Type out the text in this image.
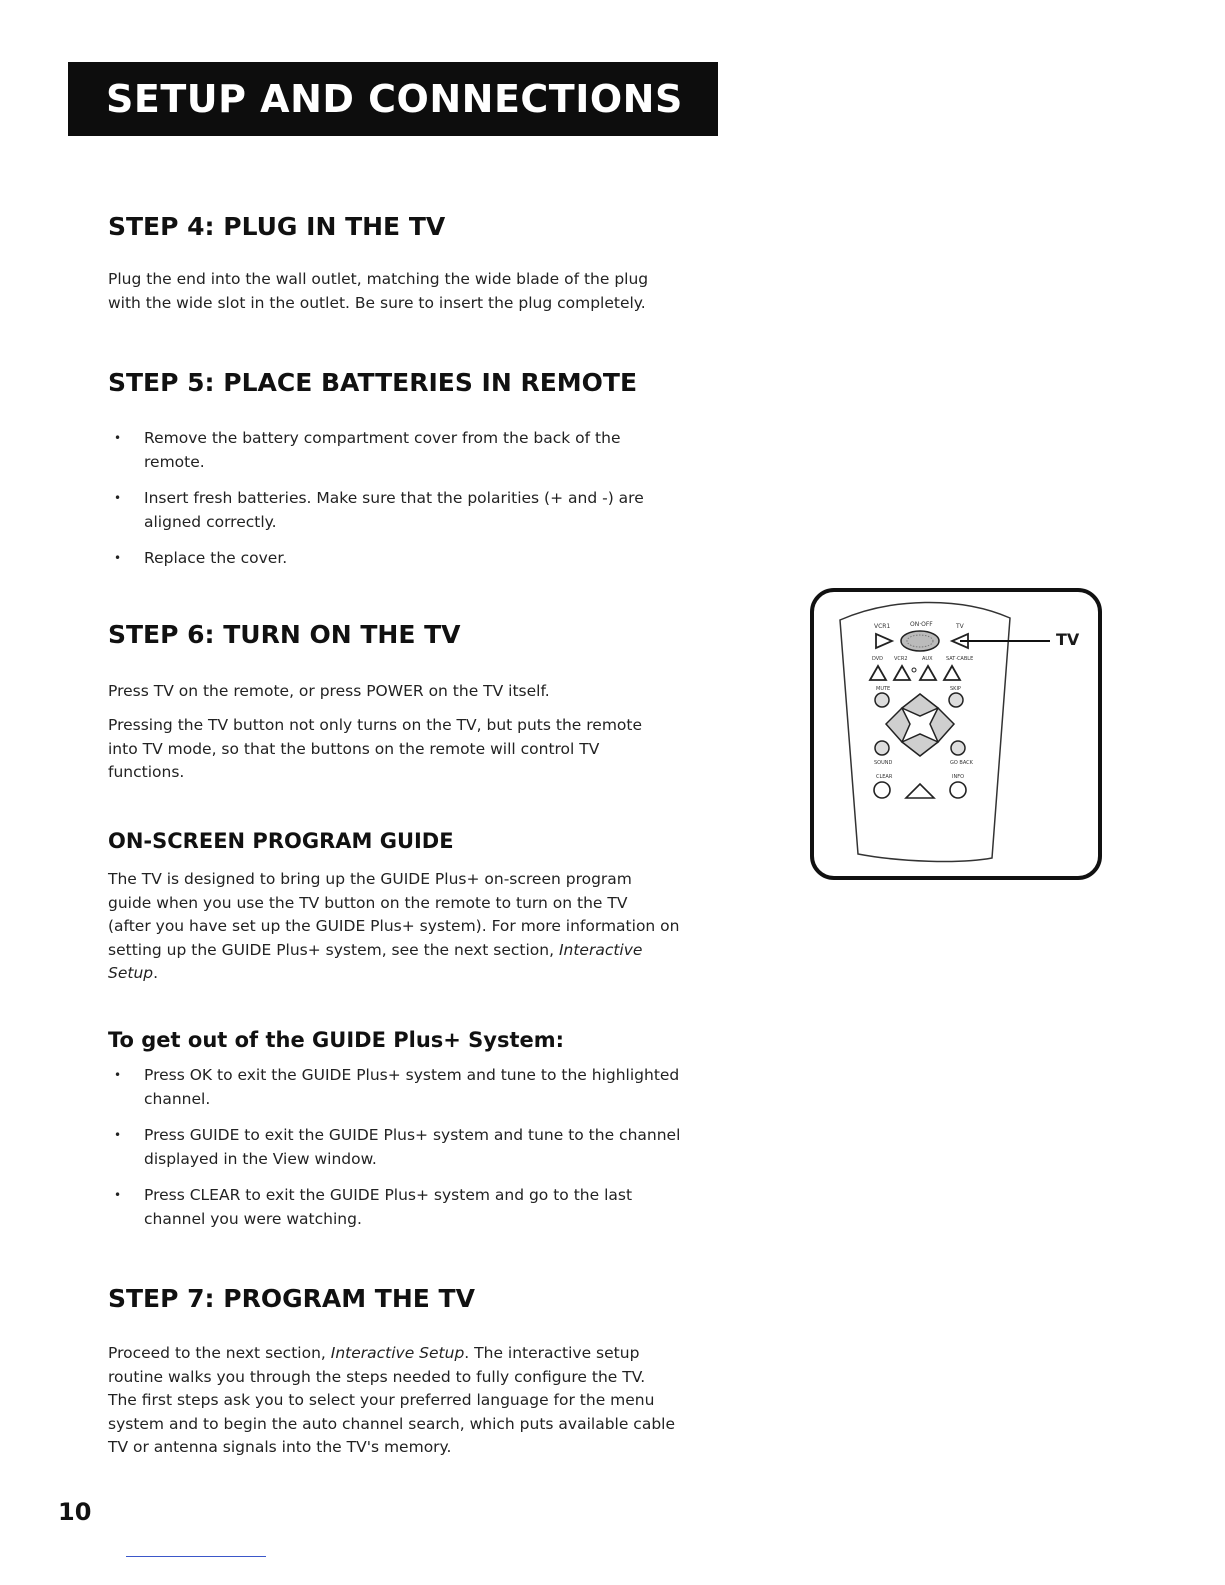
SETUP AND CONNECTIONS
STEP 4: PLUG IN THE TV

Plug the end into the wall outlet, matching the wide blade of the plug
with the wide slot in the outlet. Be sure to insert the plug completely.

STEP 5: PLACE BATTERIES IN REMOTE
• Remove the battery compartment cover from the back of the
remote.
• Insert fresh batteries. Make sure that the polarities (+ and -) are
aligned correctly.
• Replace the cover.
STEP 6: TURN ON THE TV

Press TV on the remote, or press POWER on the TV itself.

Pressing the TV button not only turns on the TV, but puts the remote
into TV mode, so that the buttons on the remote will control TV
functions.

ON-SCREEN PROGRAM GUIDE

The TV is designed to bring up the GUIDE Plus+ on-screen program
guide when you use the TV button on the remote to turn on the TV
(after you have set up the GUIDE Plus+ system). For more information on
setting up the GUIDE Plus+ system, see the next section, Interactive
Setup.

To get out of the GUIDE Plus+ System:
• Press OK to exit the GUIDE Plus+ system and tune to the highlighted
channel.
• Press GUIDE to exit the GUIDE Plus+ system and tune to the channel
displayed in the View window.
• Press CLEAR to exit the GUIDE Plus+ system and go to the last
channel you were watching.
STEP 7: PROGRAM THE TV

Proceed to the next section, Interactive Setup. The interactive setup
routine walks you through the steps needed to fully configure the TV.
The first steps ask you to select your preferred language for the menu
system and to begin the auto channel search, which puts available cable
TV or antenna signals into the TV's memory.

VCR1	ON·OFF	TV
DVD VCR2	AUX	SAT·CABLE
MUTE	SKIP
SOUND	GO BACK
CLEAR	INFO
TV
10
